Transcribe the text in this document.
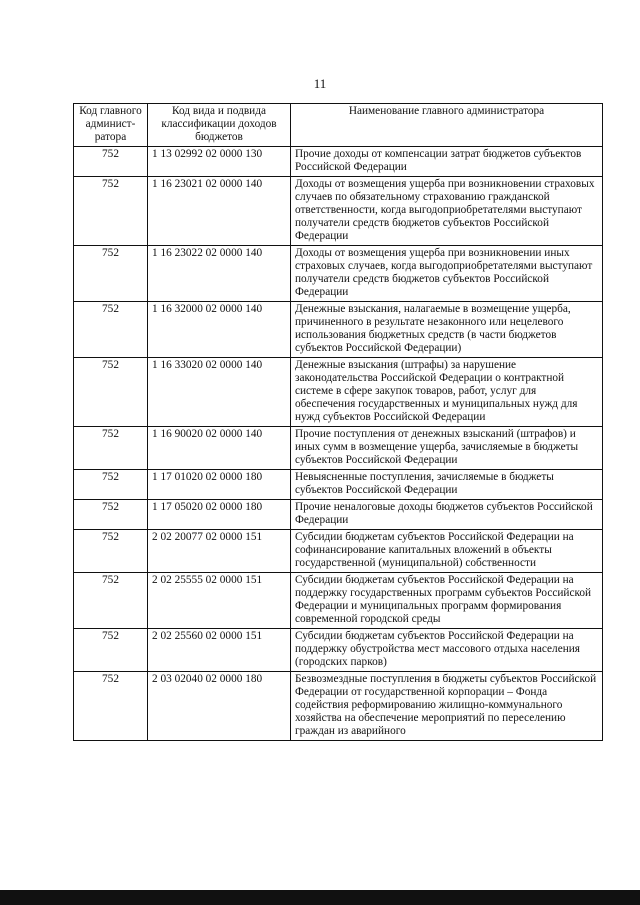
11
Код главного админист-ратора	Код вида и подвида классификации доходов бюджетов	Наименование главного администратора
752	1 13 02992 02 0000 130	Прочие доходы от компенсации затрат бюджетов субъектов Российской Федерации
752	1 16 23021 02 0000 140	Доходы от возмещения ущерба при возникновении страховых случаев по обязательному страхованию гражданской ответственности, когда выгодоприобретателями выступают получатели средств бюджетов субъектов Российской Федерации
752	1 16 23022 02 0000 140	Доходы от возмещения ущерба при возникновении иных страховых случаев, когда выгодоприобретателями выступают получатели средств бюджетов субъектов Российской Федерации
752	1 16 32000 02 0000 140	Денежные взыскания, налагаемые в возмещение ущерба, причиненного в результате незаконного или нецелевого использования бюджетных средств (в части бюджетов субъектов Российской Федерации)
752	1 16 33020 02 0000 140	Денежные взыскания (штрафы) за нарушение законодательства Российской Федерации о контрактной системе в сфере закупок товаров, работ, услуг для обеспечения государственных и муниципальных нужд для нужд субъектов Российской Федерации
752	1 16 90020 02 0000 140	Прочие поступления от денежных взысканий (штрафов) и иных сумм в возмещение ущерба, зачисляемые в бюджеты субъектов Российской Федерации
752	1 17 01020 02 0000 180	Невыясненные поступления, зачисляемые в бюджеты субъектов Российской Федерации
752	1 17 05020 02 0000 180	Прочие неналоговые доходы бюджетов субъектов Российской Федерации
752	2 02 20077 02 0000 151	Субсидии бюджетам субъектов Российской Федерации на софинансирование капитальных вложений в объекты государственной (муниципальной) собственности
752	2 02 25555 02 0000 151	Субсидии бюджетам субъектов Российской Федерации на поддержку государственных программ субъектов Российской Федерации и муниципальных программ формирования современной городской среды
752	2 02 25560 02 0000 151	Субсидии бюджетам субъектов Российской Федерации на поддержку обустройства мест массового отдыха населения (городских парков)
752	2 03 02040 02 0000 180	Безвозмездные поступления в бюджеты субъектов Российской Федерации от государственной корпорации – Фонда содействия реформированию жилищно-коммунального хозяйства на обеспечение мероприятий по переселению граждан из аварийного
